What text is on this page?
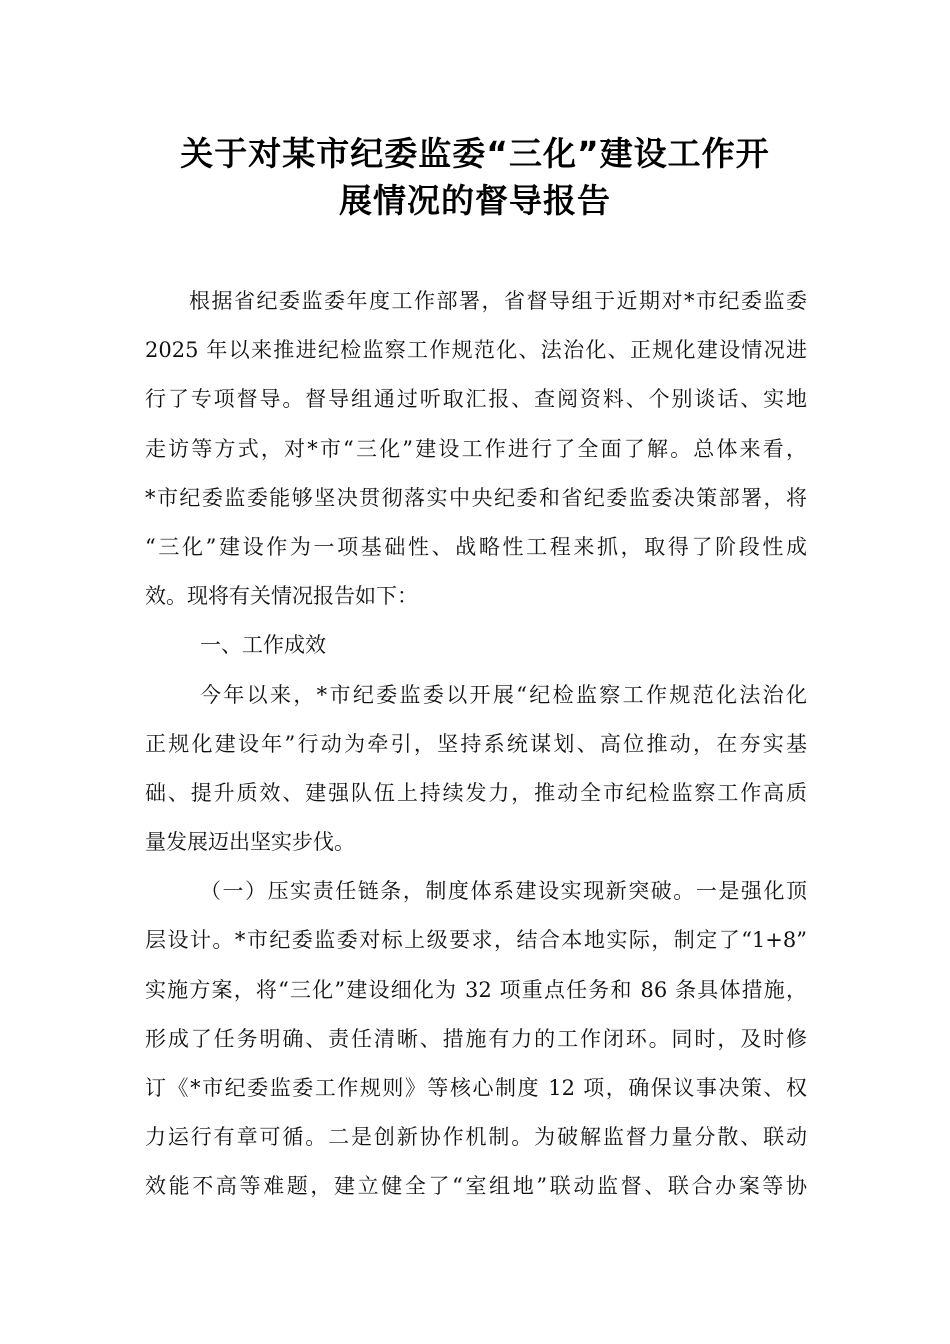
关于对某市纪委监委“三化”建设工作开
展情况的督导报告
根据省纪委监委年度工作部署，省督导组于近期对*市纪委监委
2025 年以来推进纪检监察工作规范化、法治化、正规化建设情况进
行了专项督导。督导组通过听取汇报、查阅资料、个别谈话、实地
走访等方式，对*市“三化”建设工作进行了全面了解。总体来看，
*市纪委监委能够坚决贯彻落实中央纪委和省纪委监委决策部署，将
“三化”建设作为一项基础性、战略性工程来抓，取得了阶段性成
效。现将有关情况报告如下：
一、工作成效
今年以来，*市纪委监委以开展“纪检监察工作规范化法治化
正规化建设年”行动为牵引，坚持系统谋划、高位推动，在夯实基
础、提升质效、建强队伍上持续发力，推动全市纪检监察工作高质
量发展迈出坚实步伐。
（一）压实责任链条，制度体系建设实现新突破。一是强化顶
层设计。*市纪委监委对标上级要求，结合本地实际，制定了“1+8”
实施方案，将“三化”建设细化为 32 项重点任务和 86 条具体措施，
形成了任务明确、责任清晰、措施有力的工作闭环。同时，及时修
订《*市纪委监委工作规则》等核心制度 12 项，确保议事决策、权
力运行有章可循。二是创新协作机制。为破解监督力量分散、联动
效能不高等难题，建立健全了“室组地”联动监督、联合办案等协
